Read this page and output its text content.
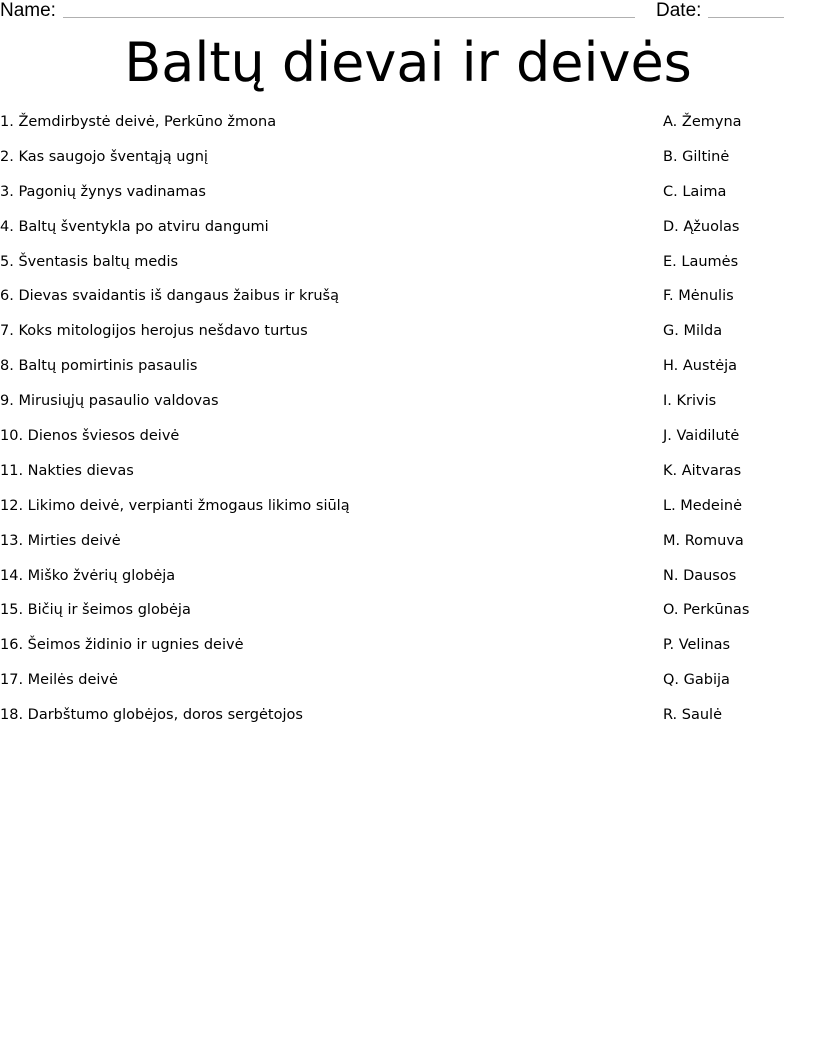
Name:	Date:
Baltų dievai ir deivės
1. Žemdirbystė deivė, Perkūno žmona
2. Kas saugojo šventąją ugnį
3. Pagonių žynys vadinamas
4. Baltų šventykla po atviru dangumi
5. Šventasis baltų medis
6. Dievas svaidantis iš dangaus žaibus ir krušą
7. Koks mitologijos herojus nešdavo turtus
8. Baltų pomirtinis pasaulis
9. Mirusiųjų pasaulio valdovas
10. Dienos šviesos deivė
11. Nakties dievas
12. Likimo deivė, verpianti žmogaus likimo siūlą
13. Mirties deivė
14. Miško žvėrių globėja
15. Bičių ir šeimos globėja
16. Šeimos židinio ir ugnies deivė
17. Meilės deivė
18. Darbštumo globėjos, doros sergėtojos
A. Žemyna
B. Giltinė
C. Laima
D. Ąžuolas
E. Laumės
F. Mėnulis
G. Milda
H. Austėja
I. Krivis
J. Vaidilutė
K. Aitvaras
L. Medeinė
M. Romuva
N. Dausos
O. Perkūnas
P. Velinas
Q. Gabija
R. Saulė
